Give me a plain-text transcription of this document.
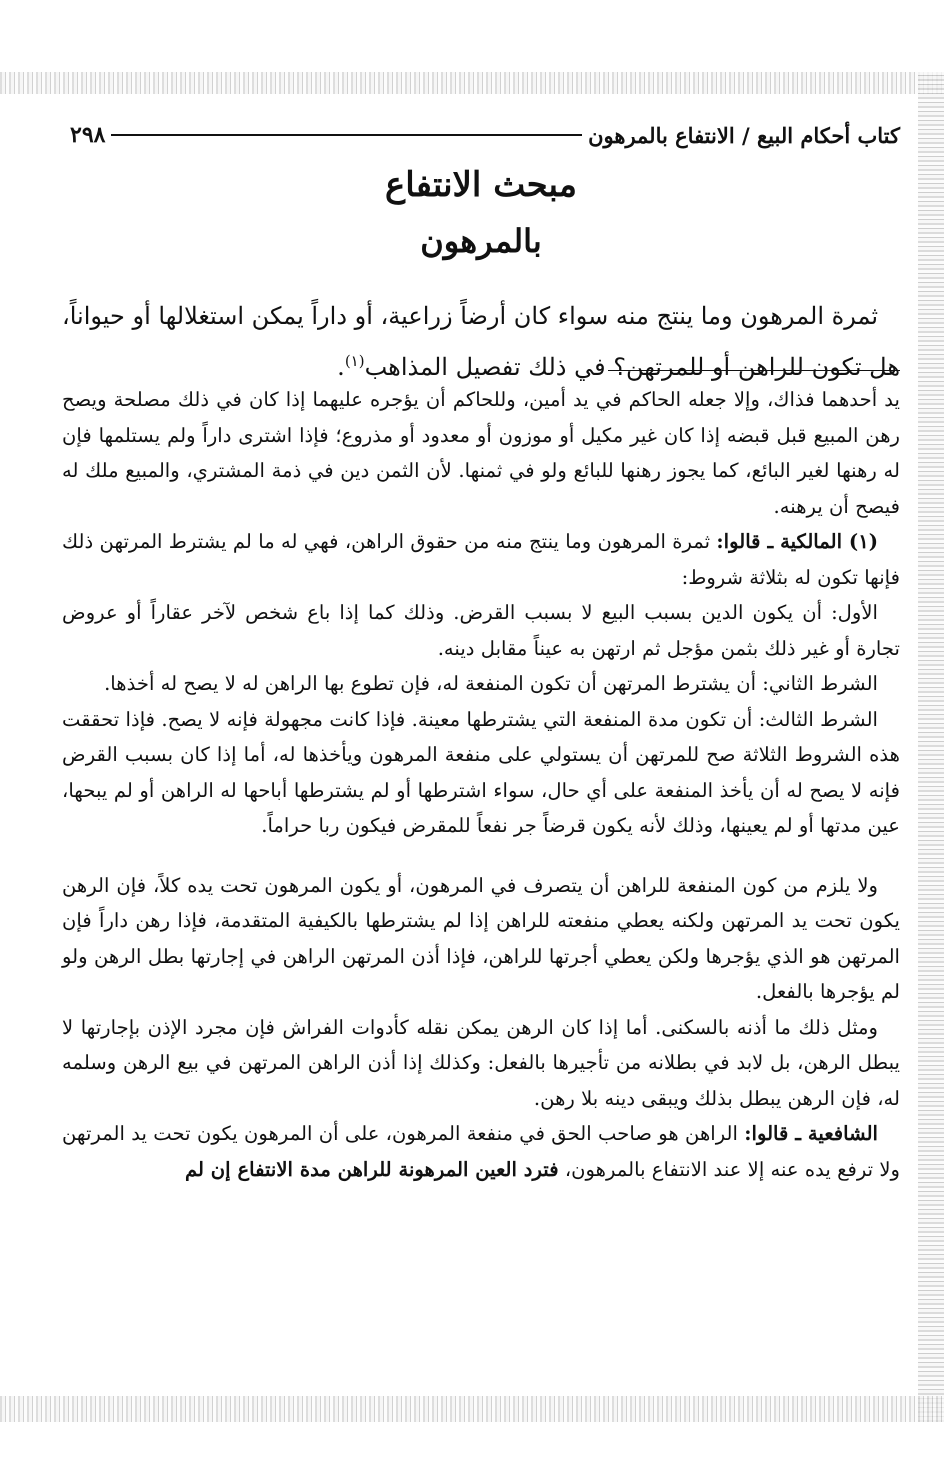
كتاب أحكام البيع / الانتفاع بالمرهون
٢٩٨
مبحث الانتفاع
بالمرهون

ثمرة المرهون وما ينتج منه سواء كان أرضاً زراعية، أو داراً يمكن استغلالها أو حيواناً، هل تكون للراهن أو للمرتهن؟ في ذلك تفصيل المذاهب$^{(١)}$.

يد أحدهما فذاك، وإلا جعله الحاكم في يد أمين، وللحاكم أن يؤجره عليهما إذا كان في ذلك مصلحة ويصح رهن المبيع قبل قبضه إذا كان غير مكيل أو موزون أو معدود أو مذروع؛ فإذا اشترى داراً ولم يستلمها فإن له رهنها لغير البائع، كما يجوز رهنها للبائع ولو في ثمنها. لأن الثمن دين في ذمة المشتري، والمبيع ملك له فيصح أن يرهنه.

(١) المالكية ـ قالوا: ثمرة المرهون وما ينتج منه من حقوق الراهن، فهي له ما لم يشترط المرتهن ذلك فإنها تكون له بثلاثة شروط:

الأول: أن يكون الدين بسبب البيع لا بسبب القرض. وذلك كما إذا باع شخص لآخر عقاراً أو عروض تجارة أو غير ذلك بثمن مؤجل ثم ارتهن به عيناً مقابل دينه.

الشرط الثاني: أن يشترط المرتهن أن تكون المنفعة له، فإن تطوع بها الراهن له لا يصح له أخذها.

الشرط الثالث: أن تكون مدة المنفعة التي يشترطها معينة. فإذا كانت مجهولة فإنه لا يصح. فإذا تحققت هذه الشروط الثلاثة صح للمرتهن أن يستولي على منفعة المرهون ويأخذها له، أما إذا كان بسبب القرض فإنه لا يصح له أن يأخذ المنفعة على أي حال، سواء اشترطها أو لم يشترطها أباحها له الراهن أو لم يبحها، عين مدتها أو لم يعينها، وذلك لأنه يكون قرضاً جر نفعاً للمقرض فيكون ربا حراماً.

ولا يلزم من كون المنفعة للراهن أن يتصرف في المرهون، أو يكون المرهون تحت يده كلاً، فإن الرهن يكون تحت يد المرتهن ولكنه يعطي منفعته للراهن إذا لم يشترطها بالكيفية المتقدمة، فإذا رهن داراً فإن المرتهن هو الذي يؤجرها ولكن يعطي أجرتها للراهن، فإذا أذن المرتهن الراهن في إجارتها بطل الرهن ولو لم يؤجرها بالفعل.

ومثل ذلك ما أذنه بالسكنى. أما إذا كان الرهن يمكن نقله كأدوات الفراش فإن مجرد الإذن بإجارتها لا يبطل الرهن، بل لابد في بطلانه من تأجيرها بالفعل: وكذلك إذا أذن الراهن المرتهن في بيع الرهن وسلمه له، فإن الرهن يبطل بذلك ويبقى دينه بلا رهن.

الشافعية ـ قالوا: الراهن هو صاحب الحق في منفعة المرهون، على أن المرهون يكون تحت يد المرتهن ولا ترفع يده عنه إلا عند الانتفاع بالمرهون، فترد العين المرهونة للراهن مدة الانتفاع إن لم
